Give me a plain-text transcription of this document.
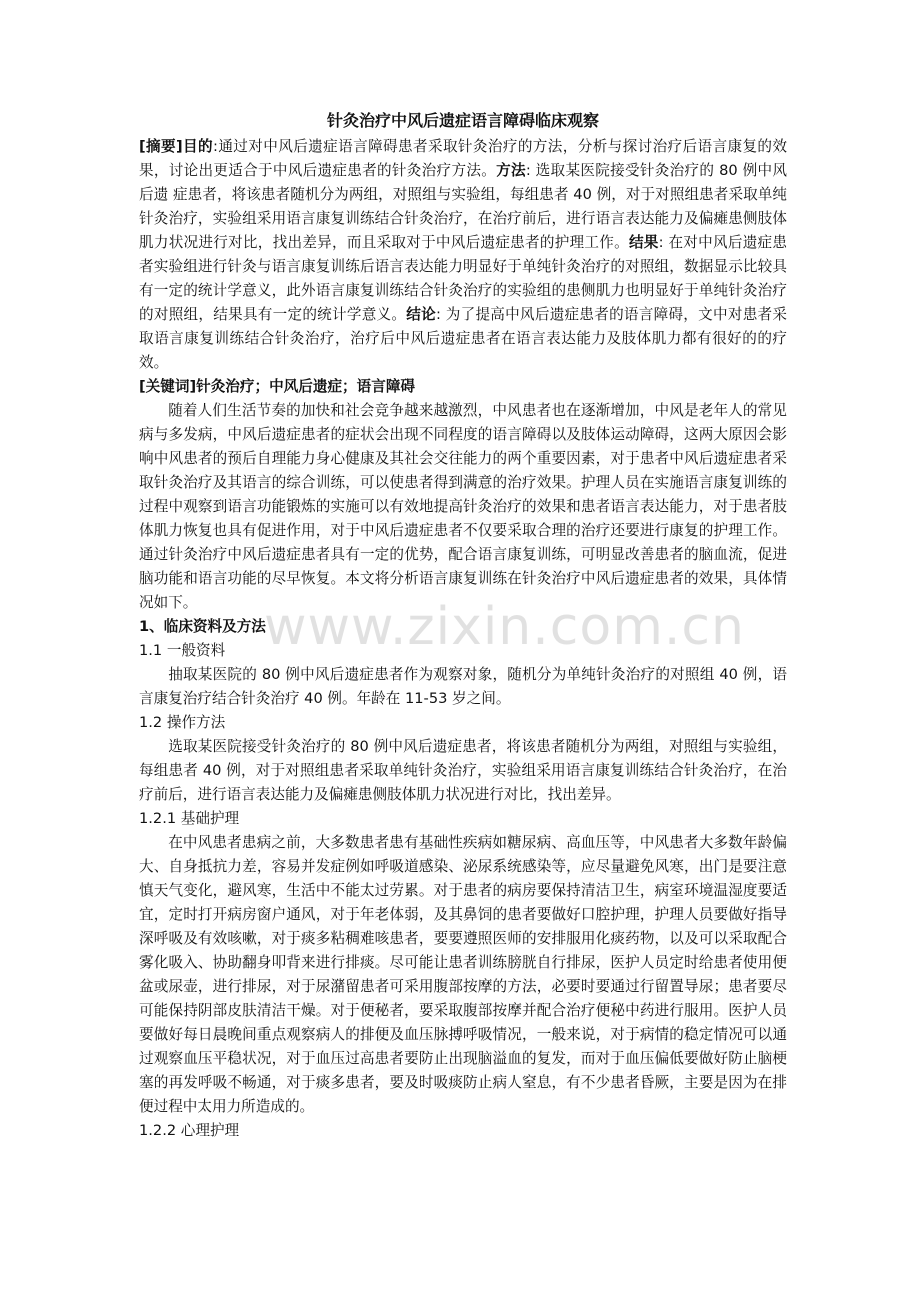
www.zixin.com.cn
针灸治疗中风后遗症语言障碍临床观察

[摘要]目的:通过对中风后遗症语言障碍患者采取针灸治疗的方法，分析与探讨治疗后语言康复的效果，讨论出更适合于中风后遗症患者的针灸治疗方法。方法: 选取某医院接受针灸治疗的 80 例中风后遗 症患者，将该患者随机分为两组，对照组与实验组，每组患者 40 例，对于对照组患者采取单纯针灸治疗，实验组采用语言康复训练结合针灸治疗，在治疗前后，进行语言表达能力及偏瘫患侧肢体肌力状况进行对比，找出差异，而且采取对于中风后遗症患者的护理工作。结果: 在对中风后遗症患者实验组进行针灸与语言康复训练后语言表达能力明显好于单纯针灸治疗的对照组，数据显示比较具有一定的统计学意义，此外语言康复训练结合针灸治疗的实验组的患侧肌力也明显好于单纯针灸治疗的对照组，结果具有一定的统计学意义。结论: 为了提高中风后遗症患者的语言障碍，文中对患者采取语言康复训练结合针灸治疗，治疗后中风后遗症患者在语言表达能力及肢体肌力都有很好的的疗效。

[关键词]针灸治疗；中风后遗症；语言障碍

随着人们生活节奏的加快和社会竞争越来越激烈，中风患者也在逐渐增加，中风是老年人的常见病与多发病，中风后遗症患者的症状会出现不同程度的语言障碍以及肢体运动障碍，这两大原因会影响中风患者的预后自理能力身心健康及其社会交往能力的两个重要因素，对于患者中风后遗症患者采取针灸治疗及其语言的综合训练，可以使患者得到满意的治疗效果。护理人员在实施语言康复训练的过程中观察到语言功能锻炼的实施可以有效地提高针灸治疗的效果和患者语言表达能力，对于患者肢体肌力恢复也具有促进作用，对于中风后遗症患者不仅要采取合理的治疗还要进行康复的护理工作。通过针灸治疗中风后遗症患者具有一定的优势，配合语言康复训练，可明显改善患者的脑血流，促进脑功能和语言功能的尽早恢复。本文将分析语言康复训练在针灸治疗中风后遗症患者的效果，具体情况如下。

1、临床资料及方法

1.1 一般资料

抽取某医院的 80 例中风后遗症患者作为观察对象，随机分为单纯针灸治疗的对照组 40 例，语言康复治疗结合针灸治疗 40 例。年龄在 11-53 岁之间。

1.2 操作方法

选取某医院接受针灸治疗的 80 例中风后遗症患者，将该患者随机分为两组，对照组与实验组，每组患者 40 例，对于对照组患者采取单纯针灸治疗，实验组采用语言康复训练结合针灸治疗，在治疗前后，进行语言表达能力及偏瘫患侧肢体肌力状况进行对比，找出差异。

1.2.1 基础护理

在中风患者患病之前，大多数患者患有基础性疾病如糖尿病、高血压等，中风患者大多数年龄偏大、自身抵抗力差，容易并发症例如呼吸道感染、泌尿系统感染等，应尽量避免风寒，出门是要注意慎天气变化，避风寒，生活中不能太过劳累。对于患者的病房要保持清洁卫生，病室环境温湿度要适宜，定时打开病房窗户通风，对于年老体弱，及其鼻饲的患者要做好口腔护理，护理人员要做好指导深呼吸及有效咳嗽，对于痰多粘稠难咳患者，要要遵照医师的安排服用化痰药物，以及可以采取配合雾化吸入、协助翻身叩背来进行排痰。尽可能让患者训练膀胱自行排尿，医护人员定时给患者使用便盆或尿壶，进行排尿，对于尿潴留患者可采用腹部按摩的方法，必要时要通过行留置导尿；患者要尽可能保持阴部皮肤清洁干燥。对于便秘者，要采取腹部按摩并配合治疗便秘中药进行服用。医护人员要做好每日晨晚间重点观察病人的排便及血压脉搏呼吸情况，一般来说，对于病情的稳定情况可以通过观察血压平稳状况，对于血压过高患者要防止出现脑溢血的复发，而对于血压偏低要做好防止脑梗塞的再发呼吸不畅通，对于痰多患者，要及时吸痰防止病人窒息，有不少患者昏厥，主要是因为在排便过程中太用力所造成的。

1.2.2 心理护理
